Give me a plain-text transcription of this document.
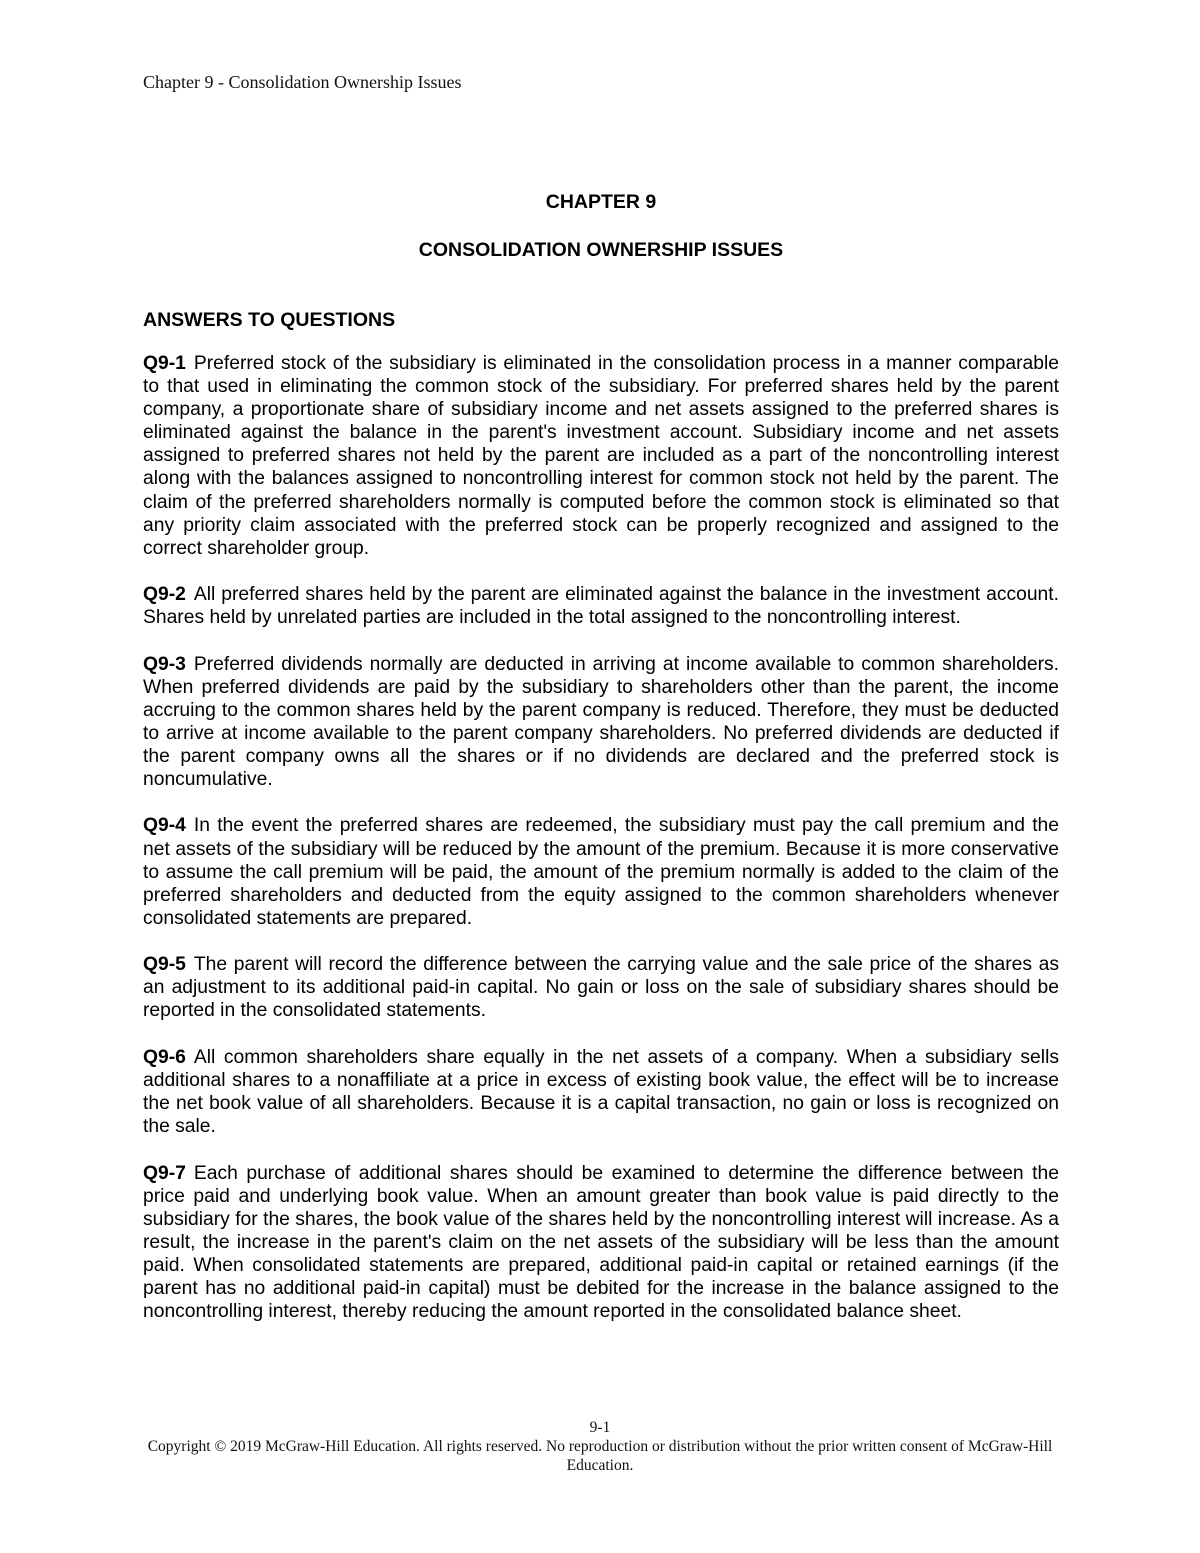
Chapter 9 - Consolidation Ownership Issues
CHAPTER 9
CONSOLIDATION OWNERSHIP ISSUES
ANSWERS TO QUESTIONS

Q9-1 Preferred stock of the subsidiary is eliminated in the consolidation process in a manner comparable to that used in eliminating the common stock of the subsidiary. For preferred shares held by the parent company, a proportionate share of subsidiary income and net assets assigned to the preferred shares is eliminated against the balance in the parent's investment account. Subsidiary income and net assets assigned to preferred shares not held by the parent are included as a part of the noncontrolling interest along with the balances assigned to noncontrolling interest for common stock not held by the parent. The claim of the preferred shareholders normally is computed before the common stock is eliminated so that any priority claim associated with the preferred stock can be properly recognized and assigned to the correct shareholder group.

Q9-2 All preferred shares held by the parent are eliminated against the balance in the investment account. Shares held by unrelated parties are included in the total assigned to the noncontrolling interest.

Q9-3 Preferred dividends normally are deducted in arriving at income available to common shareholders. When preferred dividends are paid by the subsidiary to shareholders other than the parent, the income accruing to the common shares held by the parent company is reduced. Therefore, they must be deducted to arrive at income available to the parent company shareholders. No preferred dividends are deducted if the parent company owns all the shares or if no dividends are declared and the preferred stock is noncumulative.

Q9-4 In the event the preferred shares are redeemed, the subsidiary must pay the call premium and the net assets of the subsidiary will be reduced by the amount of the premium. Because it is more conservative to assume the call premium will be paid, the amount of the premium normally is added to the claim of the preferred shareholders and deducted from the equity assigned to the common shareholders whenever consolidated statements are prepared.

Q9-5 The parent will record the difference between the carrying value and the sale price of the shares as an adjustment to its additional paid-in capital. No gain or loss on the sale of subsidiary shares should be reported in the consolidated statements.

Q9-6 All common shareholders share equally in the net assets of a company. When a subsidiary sells additional shares to a nonaffiliate at a price in excess of existing book value, the effect will be to increase the net book value of all shareholders. Because it is a capital transaction, no gain or loss is recognized on the sale.

Q9-7 Each purchase of additional shares should be examined to determine the difference between the price paid and underlying book value. When an amount greater than book value is paid directly to the subsidiary for the shares, the book value of the shares held by the noncontrolling interest will increase. As a result, the increase in the parent's claim on the net assets of the subsidiary will be less than the amount paid. When consolidated statements are prepared, additional paid-in capital or retained earnings (if the parent has no additional paid-in capital) must be debited for the increase in the balance assigned to the noncontrolling interest, thereby reducing the amount reported in the consolidated balance sheet.

9-1
Copyright © 2019 McGraw-Hill Education. All rights reserved. No reproduction or distribution without the prior written consent of McGraw-Hill Education.
